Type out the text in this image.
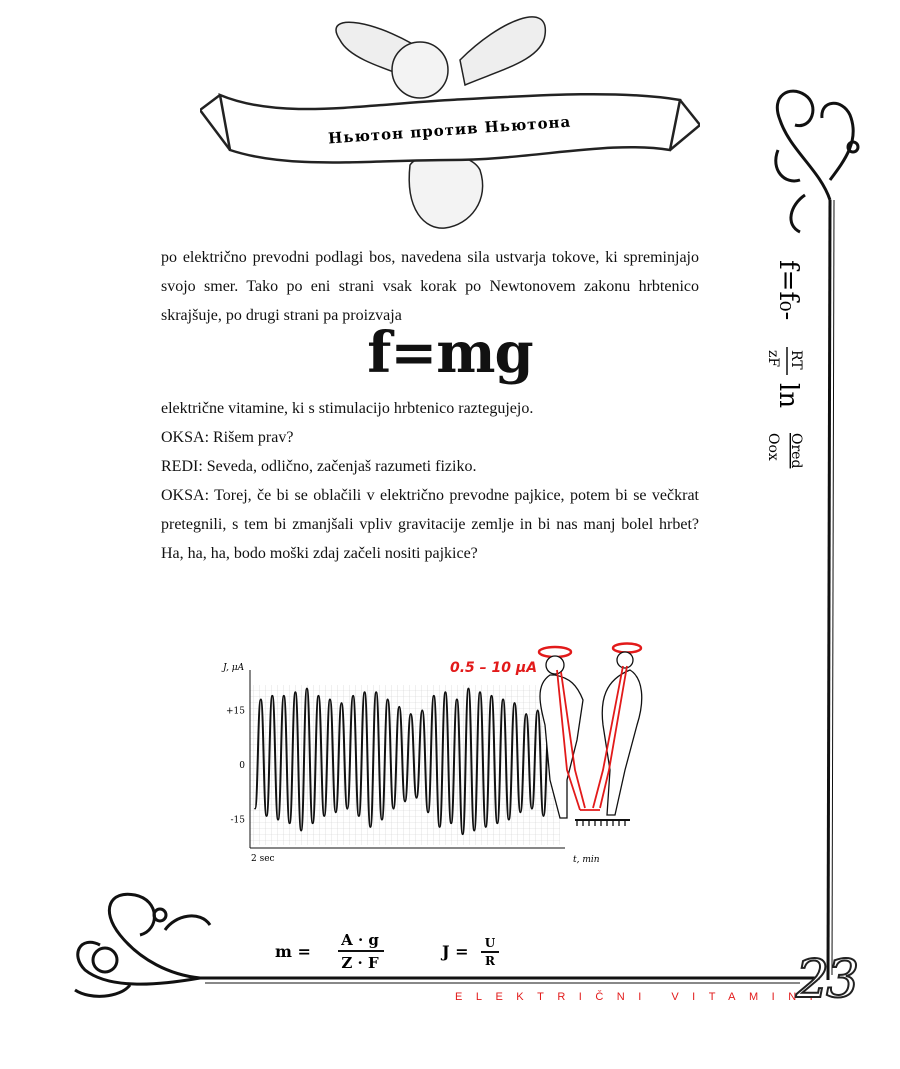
Ньютон против Ньютона
po električno prevodni podlagi bos, navedena sila ustvarja tokove, ki spreminjajo svojo smer. Tako po eni strani vsak korak po Newtonovem zakonu hrbtenico skrajšuje, po drugi strani pa proizvaja
f=mg
električne vitamine, ki s stimulacijo hrbtenico raztegujejo.
OKSA: Rišem prav?
REDI: Seveda, odlično, začenjaš razumeti fiziko.
OKSA: Torej, če bi se oblačili v električno prevodne pajkice, potem bi se večkrat pretegnili, s tem bi zmanjšali vpliv gravitacije zemlje in bi nas manj bolel hrbet? Ha, ha, ha, bodo moški zdaj začeli nositi pajkice?
f=f₀-
RT
zF
ln
Ored
Oox
J, μA
t, min
2 sec
+15
0
-15
0.5 – 10 μA
m =
A · g
Z · F
J = U
R
ELEKTRIČNI VITAMINI
23
